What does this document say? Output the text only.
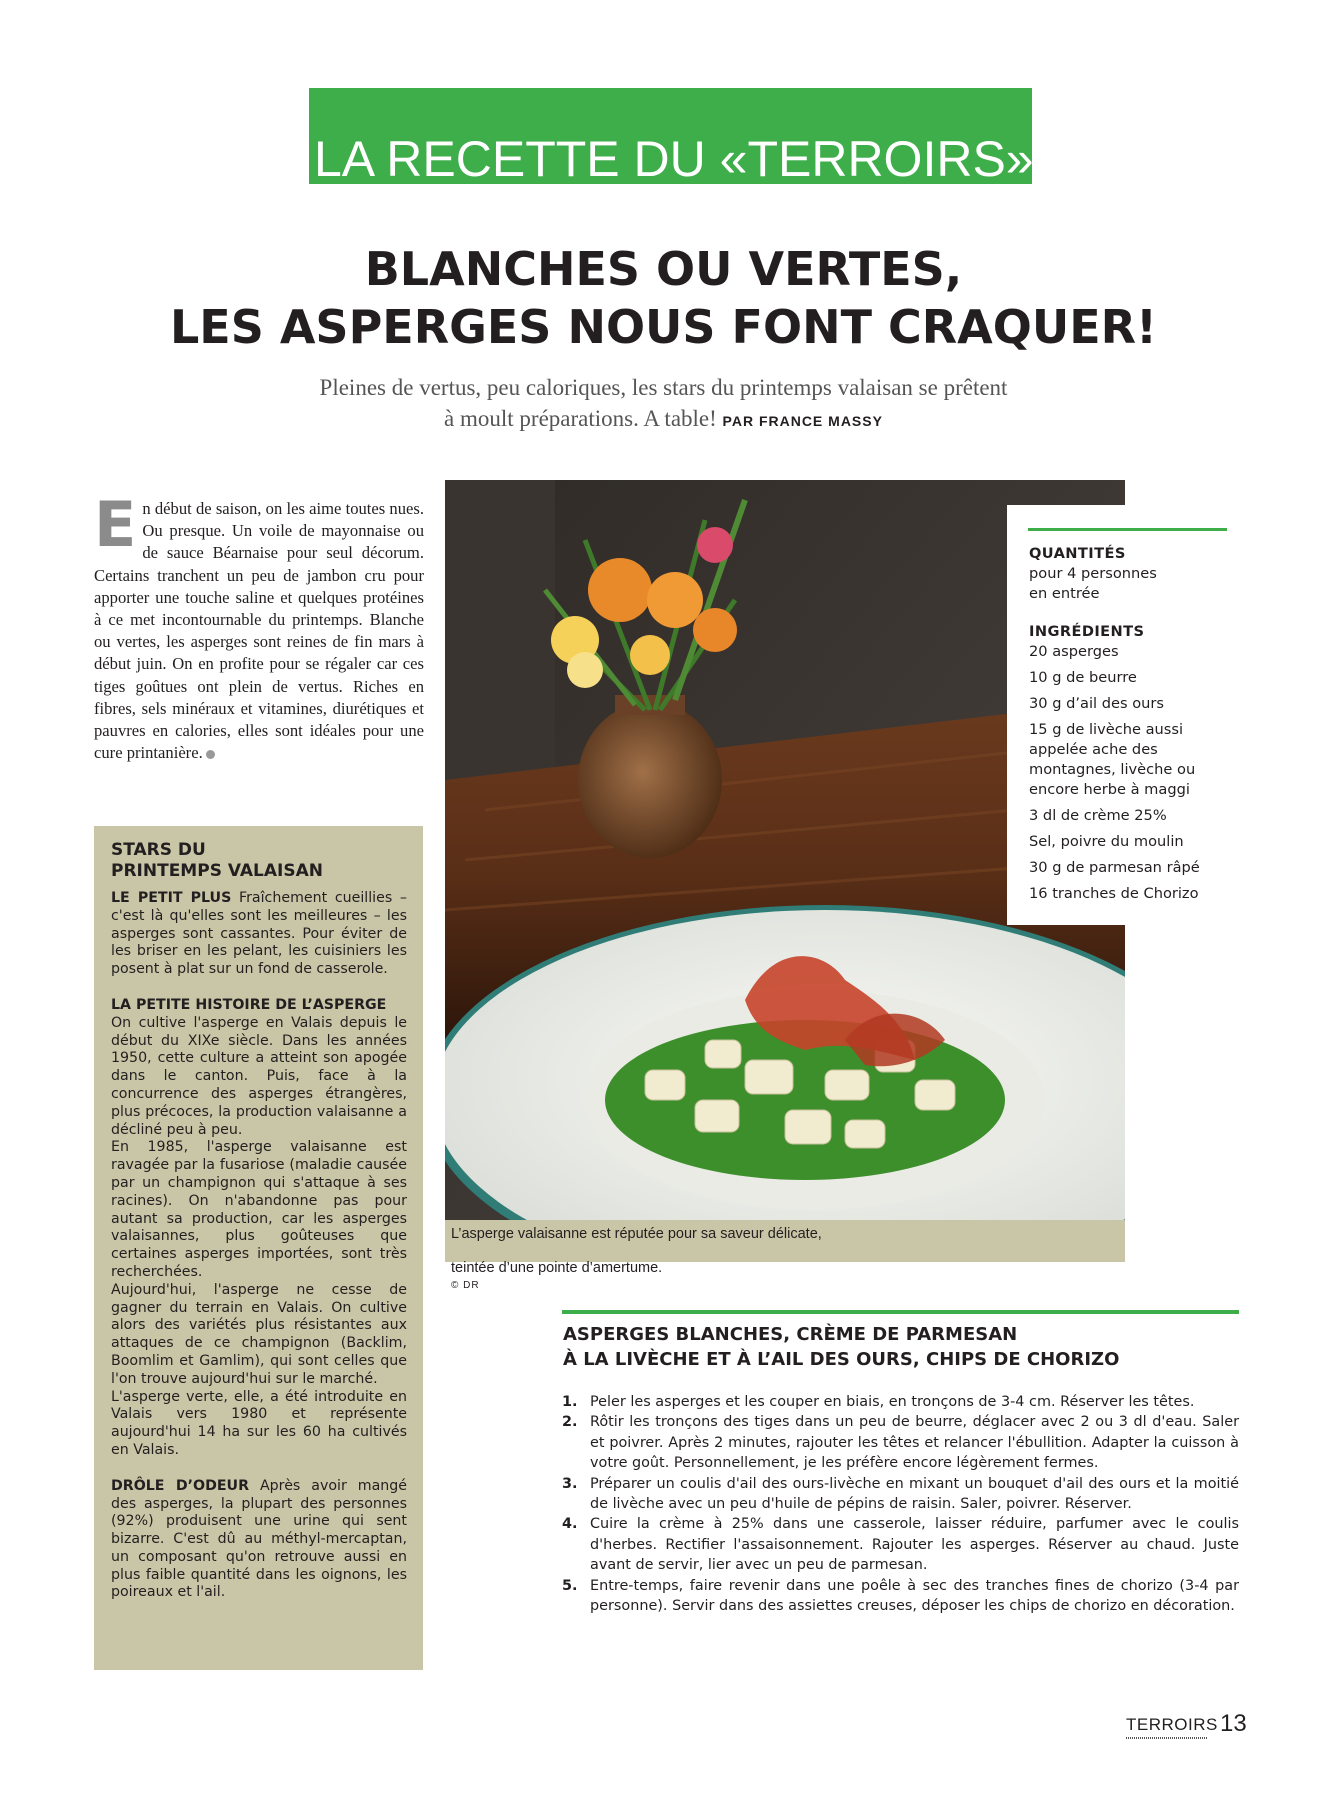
LA RECETTE DU «TERROIRS»
BLANCHES OU VERTES,
LES ASPERGES NOUS FONT CRAQUER!
Pleines de vertus, peu caloriques, les stars du printemps valaisan se prêtent
à moult préparations. A table! PAR FRANCE MASSY
En début de saison, on les aime toutes nues. Ou presque. Un voile de mayonnaise ou de sauce Béarnaise pour seul décorum. Certains tranchent un peu de jambon cru pour apporter une touche saline et quelques protéines à ce met incontournable du printemps. Blanche ou vertes, les asperges sont reines de fin mars à début juin. On en profite pour se régaler car ces tiges goûtues ont plein de vertus. Riches en fibres, sels minéraux et vitamines, diurétiques et pauvres en calories, elles sont idéales pour une cure printanière.
STARS DU
PRINTEMPS VALAISAN
LE PETIT PLUS Fraîchement cueillies – c'est là qu'elles sont les meilleures – les asperges sont cassantes. Pour éviter de les briser en les pelant, les cuisiniers les posent à plat sur un fond de casserole.
LA PETITE HISTOIRE DE L’ASPERGE
On cultive l'asperge en Valais depuis le début du XIXe siècle. Dans les années 1950, cette culture a atteint son apogée dans le canton. Puis, face à la concurrence des asperges étrangères, plus précoces, la production valaisanne a décliné peu à peu.
En 1985, l'asperge valaisanne est ravagée par la fusariose (maladie causée par un champignon qui s'attaque à ses racines). On n'abandonne pas pour autant sa production, car les asperges valaisannes, plus goûteuses que certaines asperges importées, sont très recherchées.
Aujourd'hui, l'asperge ne cesse de gagner du terrain en Valais. On cultive alors des variétés plus résistantes aux attaques de ce champignon (Backlim, Boomlim et Gamlim), qui sont celles que l'on trouve aujourd'hui sur le marché.
L'asperge verte, elle, a été introduite en Valais vers 1980 et représente aujourd'hui 14 ha sur les 60 ha cultivés en Valais.
DRÔLE D’ODEUR Après avoir mangé des asperges, la plupart des personnes (92%) produisent une urine qui sent bizarre. C'est dû au méthyl-mercaptan, un composant qu'on retrouve aussi en plus faible quantité dans les oignons, les poireaux et l'ail.
L’asperge valaisanne est réputée pour sa saveur délicate,

teintée d’une pointe d’amertume.
© DR
QUANTITÉS
pour 4 personnes
en entrée
INGRÉDIENTS
20 asperges
10 g de beurre
30 g d’ail des ours
15 g de livèche aussi appelée ache des montagnes, livèche ou encore herbe à maggi
3 dl de crème 25%
Sel, poivre du moulin
30 g de parmesan râpé
16 tranches de Chorizo
ASPERGES BLANCHES, CRÈME DE PARMESAN
À LA LIVÈCHE ET À L’AIL DES OURS, CHIPS DE CHORIZO
1. Peler les asperges et les couper en biais, en tronçons de 3-4 cm. Réserver les têtes.
2. Rôtir les tronçons des tiges dans un peu de beurre, déglacer avec 2 ou 3 dl d'eau. Saler et poivrer. Après 2 minutes, rajouter les têtes et relancer l'ébullition. Adapter la cuisson à votre goût. Personnellement, je les préfère encore légèrement fermes.
3. Préparer un coulis d'ail des ours-livèche en mixant un bouquet d'ail des ours et la moitié de livèche avec un peu d'huile de pépins de raisin. Saler, poivrer. Réserver.
4. Cuire la crème à 25% dans une casserole, laisser réduire, parfumer avec le coulis d'herbes. Rectifier l'assaisonnement. Rajouter les asperges. Réserver au chaud. Juste avant de servir, lier avec un peu de parmesan.
5. Entre-temps, faire revenir dans une poêle à sec des tranches fines de chorizo (3-4 par personne). Servir dans des assiettes creuses, déposer les chips de chorizo en décoration.
TERROIRS 13
